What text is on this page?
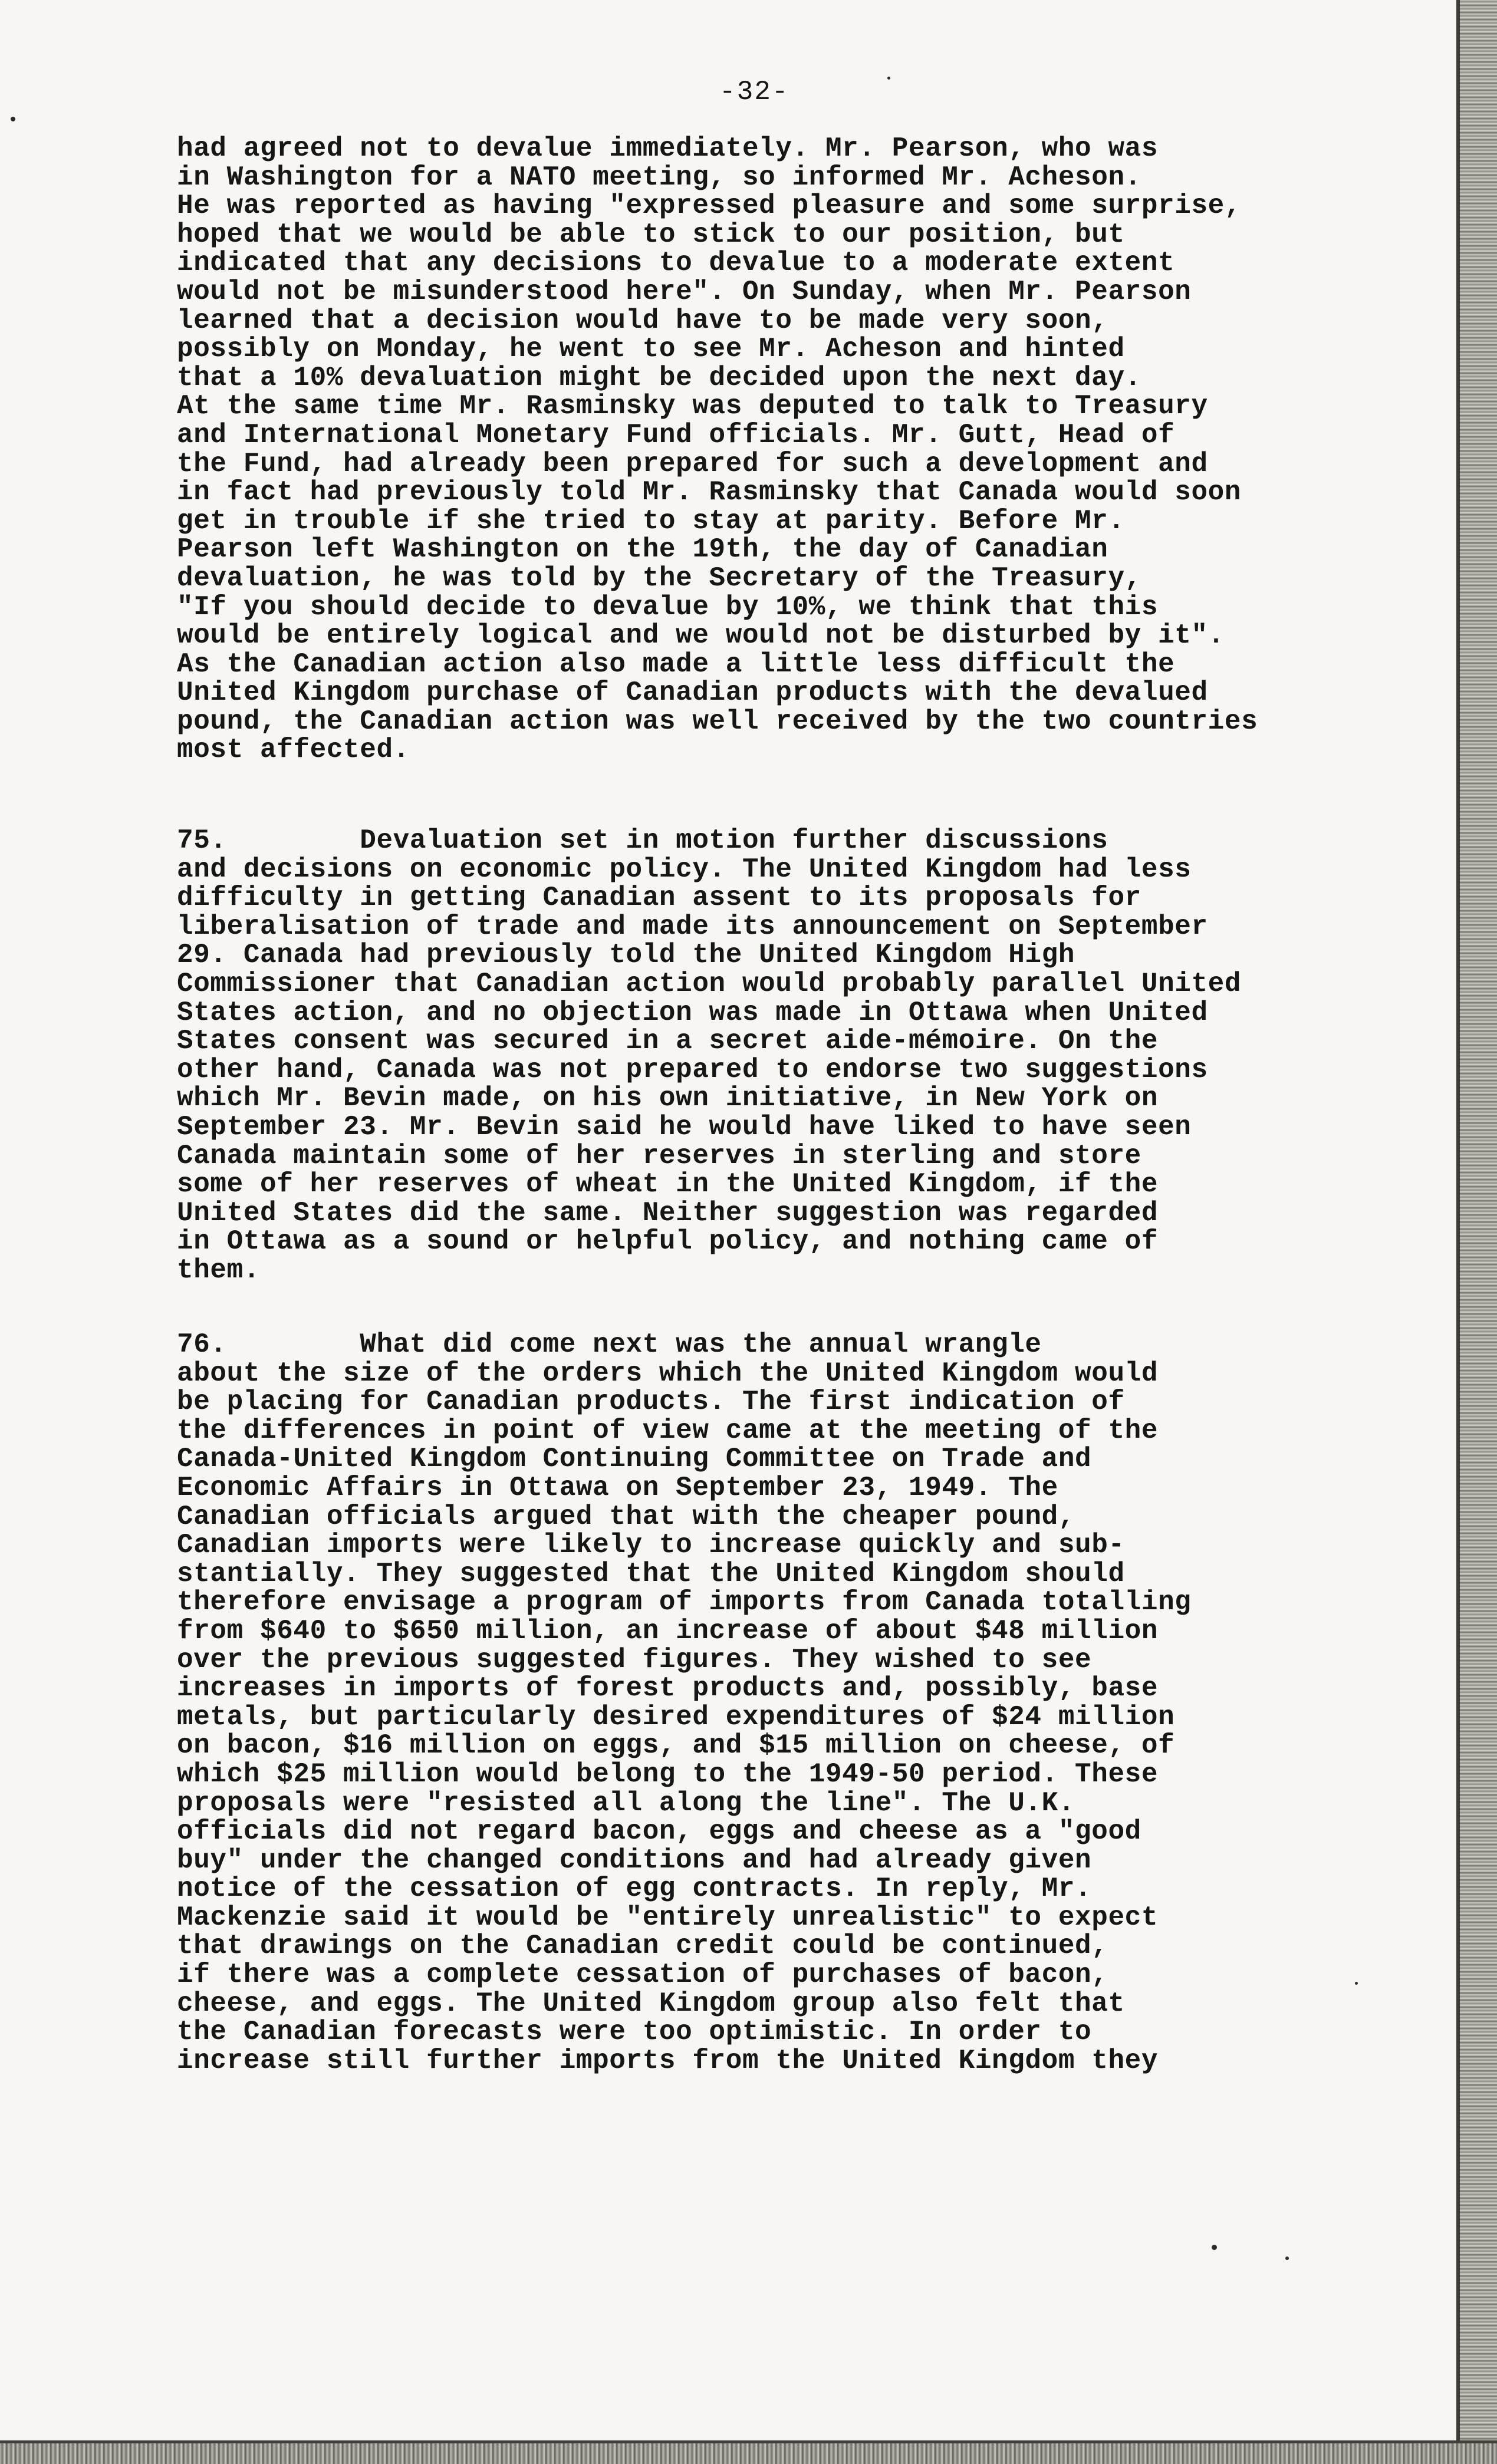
-32-
had agreed not to devalue immediately. Mr. Pearson, who was
in Washington for a NATO meeting, so informed Mr. Acheson.
He was reported as having "expressed pleasure and some surprise,
hoped that we would be able to stick to our position, but
indicated that any decisions to devalue to a moderate extent
would not be misunderstood here". On Sunday, when Mr. Pearson
learned that a decision would have to be made very soon,
possibly on Monday, he went to see Mr. Acheson and hinted
that a 10% devaluation might be decided upon the next day.
At the same time Mr. Rasminsky was deputed to talk to Treasury
and International Monetary Fund officials. Mr. Gutt, Head of
the Fund, had already been prepared for such a development and
in fact had previously told Mr. Rasminsky that Canada would soon
get in trouble if she tried to stay at parity. Before Mr.
Pearson left Washington on the 19th, the day of Canadian
devaluation, he was told by the Secretary of the Treasury,
"If you should decide to devalue by 10%, we think that this
would be entirely logical and we would not be disturbed by it".
As the Canadian action also made a little less difficult the
United Kingdom purchase of Canadian products with the devalued
pound, the Canadian action was well received by the two countries
most affected.
75.        Devaluation set in motion further discussions
and decisions on economic policy. The United Kingdom had less
difficulty in getting Canadian assent to its proposals for
liberalisation of trade and made its announcement on September
29. Canada had previously told the United Kingdom High
Commissioner that Canadian action would probably parallel United
States action, and no objection was made in Ottawa when United
States consent was secured in a secret aide-mémoire. On the
other hand, Canada was not prepared to endorse two suggestions
which Mr. Bevin made, on his own initiative, in New York on
September 23. Mr. Bevin said he would have liked to have seen
Canada maintain some of her reserves in sterling and store
some of her reserves of wheat in the United Kingdom, if the
United States did the same. Neither suggestion was regarded
in Ottawa as a sound or helpful policy, and nothing came of
them.
76.        What did come next was the annual wrangle
about the size of the orders which the United Kingdom would
be placing for Canadian products. The first indication of
the differences in point of view came at the meeting of the
Canada-United Kingdom Continuing Committee on Trade and
Economic Affairs in Ottawa on September 23, 1949. The
Canadian officials argued that with the cheaper pound,
Canadian imports were likely to increase quickly and sub-
stantially. They suggested that the United Kingdom should
therefore envisage a program of imports from Canada totalling
from $640 to $650 million, an increase of about $48 million
over the previous suggested figures. They wished to see
increases in imports of forest products and, possibly, base
metals, but particularly desired expenditures of $24 million
on bacon, $16 million on eggs, and $15 million on cheese, of
which $25 million would belong to the 1949-50 period. These
proposals were "resisted all along the line". The U.K.
officials did not regard bacon, eggs and cheese as a "good
buy" under the changed conditions and had already given
notice of the cessation of egg contracts. In reply, Mr.
Mackenzie said it would be "entirely unrealistic" to expect
that drawings on the Canadian credit could be continued,
if there was a complete cessation of purchases of bacon,
cheese, and eggs. The United Kingdom group also felt that
the Canadian forecasts were too optimistic. In order to
increase still further imports from the United Kingdom they
